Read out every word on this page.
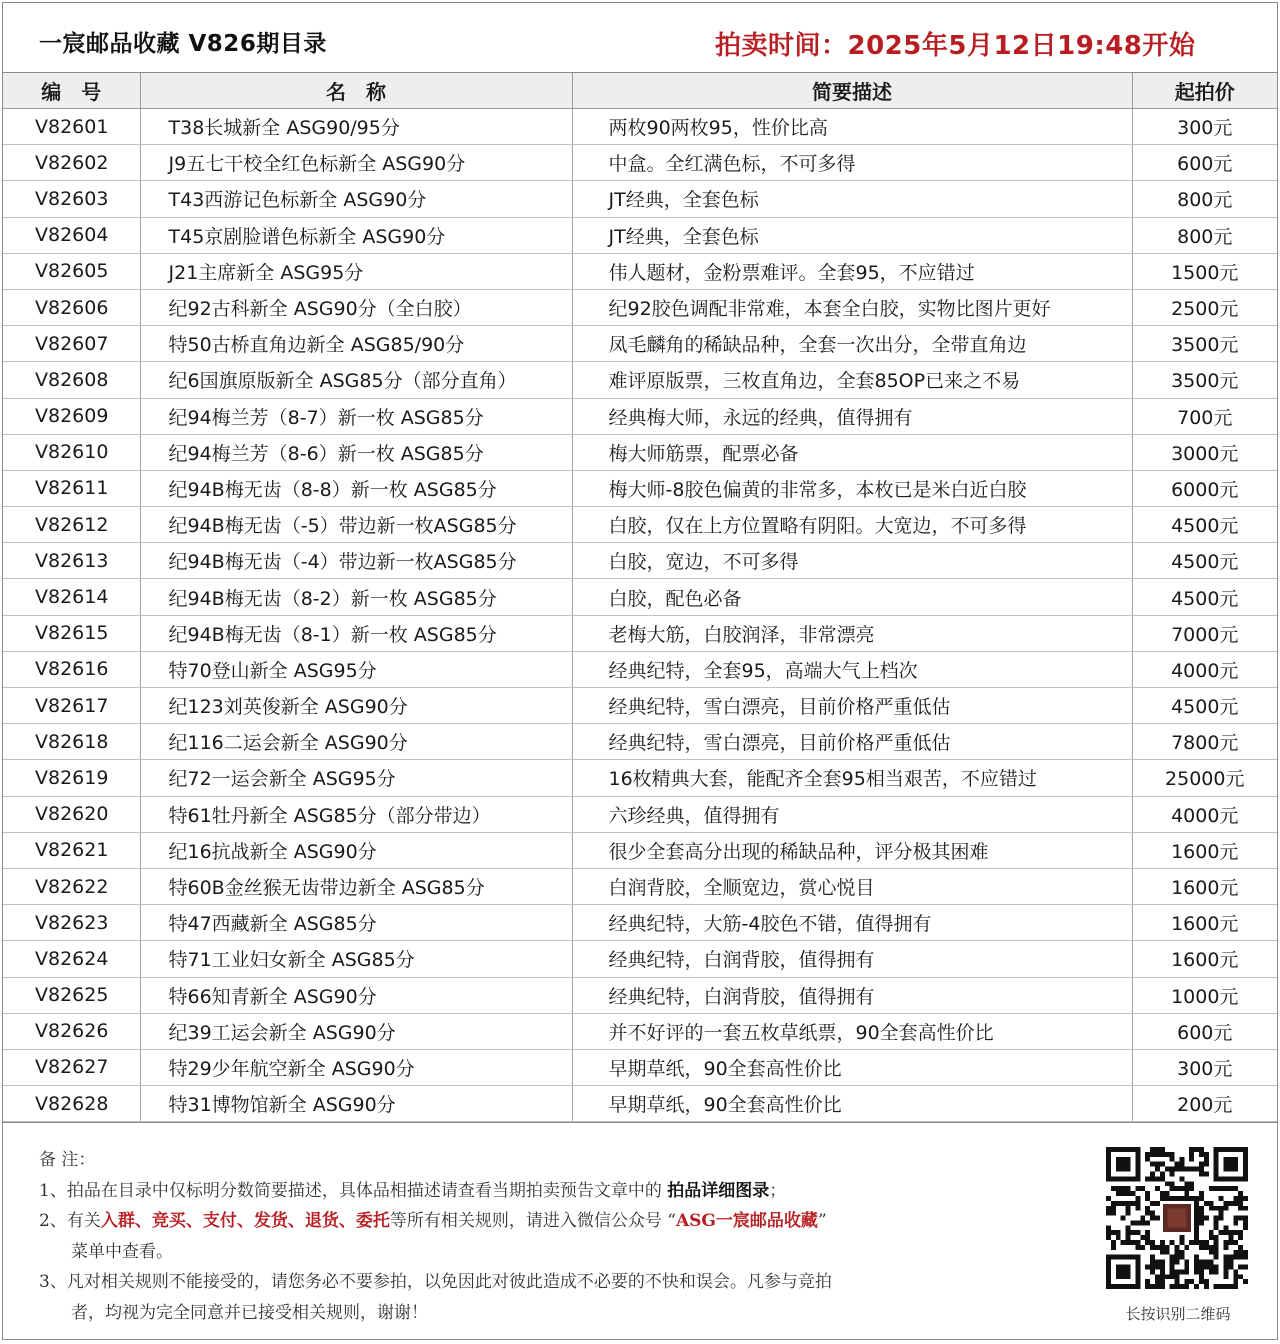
一宸邮品收藏 V826期目录	拍卖时间：2025年5月12日19:48开始
编　号	名　称	简要描述	起拍价
V82601	T38长城新全 ASG90/95分	两枚90两枚95，性价比高	300元
V82602	J9五七干校全红色标新全 ASG90分	中盒。全红满色标，不可多得	600元
V82603	T43西游记色标新全 ASG90分	JT经典，全套色标	800元
V82604	T45京剧脸谱色标新全 ASG90分	JT经典，全套色标	800元
V82605	J21主席新全 ASG95分	伟人题材，金粉票难评。全套95，不应错过	1500元
V82606	纪92古科新全 ASG90分（全白胶）	纪92胶色调配非常难，本套全白胶，实物比图片更好	2500元
V82607	特50古桥直角边新全 ASG85/90分	凤毛麟角的稀缺品种，全套一次出分，全带直角边	3500元
V82608	纪6国旗原版新全 ASG85分（部分直角）	难评原版票，三枚直角边，全套85OP已来之不易	3500元
V82609	纪94梅兰芳（8-7）新一枚 ASG85分	经典梅大师，永远的经典，值得拥有	700元
V82610	纪94梅兰芳（8-6）新一枚 ASG85分	梅大师筋票，配票必备	3000元
V82611	纪94B梅无齿（8-8）新一枚 ASG85分	梅大师-8胶色偏黄的非常多，本枚已是米白近白胶	6000元
V82612	纪94B梅无齿（-5）带边新一枚ASG85分	白胶，仅在上方位置略有阴阳。大宽边，不可多得	4500元
V82613	纪94B梅无齿（-4）带边新一枚ASG85分	白胶，宽边，不可多得	4500元
V82614	纪94B梅无齿（8-2）新一枚 ASG85分	白胶，配色必备	4500元
V82615	纪94B梅无齿（8-1）新一枚 ASG85分	老梅大筋，白胶润泽，非常漂亮	7000元
V82616	特70登山新全 ASG95分	经典纪特，全套95，高端大气上档次	4000元
V82617	纪123刘英俊新全 ASG90分	经典纪特，雪白漂亮，目前价格严重低估	4500元
V82618	纪116二运会新全 ASG90分	经典纪特，雪白漂亮，目前价格严重低估	7800元
V82619	纪72一运会新全 ASG95分	16枚精典大套，能配齐全套95相当艰苦，不应错过	25000元
V82620	特61牡丹新全 ASG85分（部分带边）	六珍经典，值得拥有	4000元
V82621	纪16抗战新全 ASG90分	很少全套高分出现的稀缺品种，评分极其困难	1600元
V82622	特60B金丝猴无齿带边新全 ASG85分	白润背胶，全顺宽边，赏心悦目	1600元
V82623	特47西藏新全 ASG85分	经典纪特，大筋-4胶色不错，值得拥有	1600元
V82624	特71工业妇女新全 ASG85分	经典纪特，白润背胶，值得拥有	1600元
V82625	特66知青新全 ASG90分	经典纪特，白润背胶，值得拥有	1000元
V82626	纪39工运会新全 ASG90分	并不好评的一套五枚草纸票，90全套高性价比	600元
V82627	特29少年航空新全 ASG90分	早期草纸，90全套高性价比	300元
V82628	特31博物馆新全 ASG90分	早期草纸，90全套高性价比	200元
备 注：
1、拍品在目录中仅标明分数简要描述，具体品相描述请查看当期拍卖预告文章中的 拍品详细图录；
2、有关入群、竞买、支付、发货、退货、委托等所有相关规则，请进入微信公众号 “ASG一宸邮品收藏”
菜单中查看。
3、凡对相关规则不能接受的，请您务必不要参拍，以免因此对彼此造成不必要的不快和误会。凡参与竞拍
者，均视为完全同意并已接受相关规则，谢谢！	长按识别二维码
